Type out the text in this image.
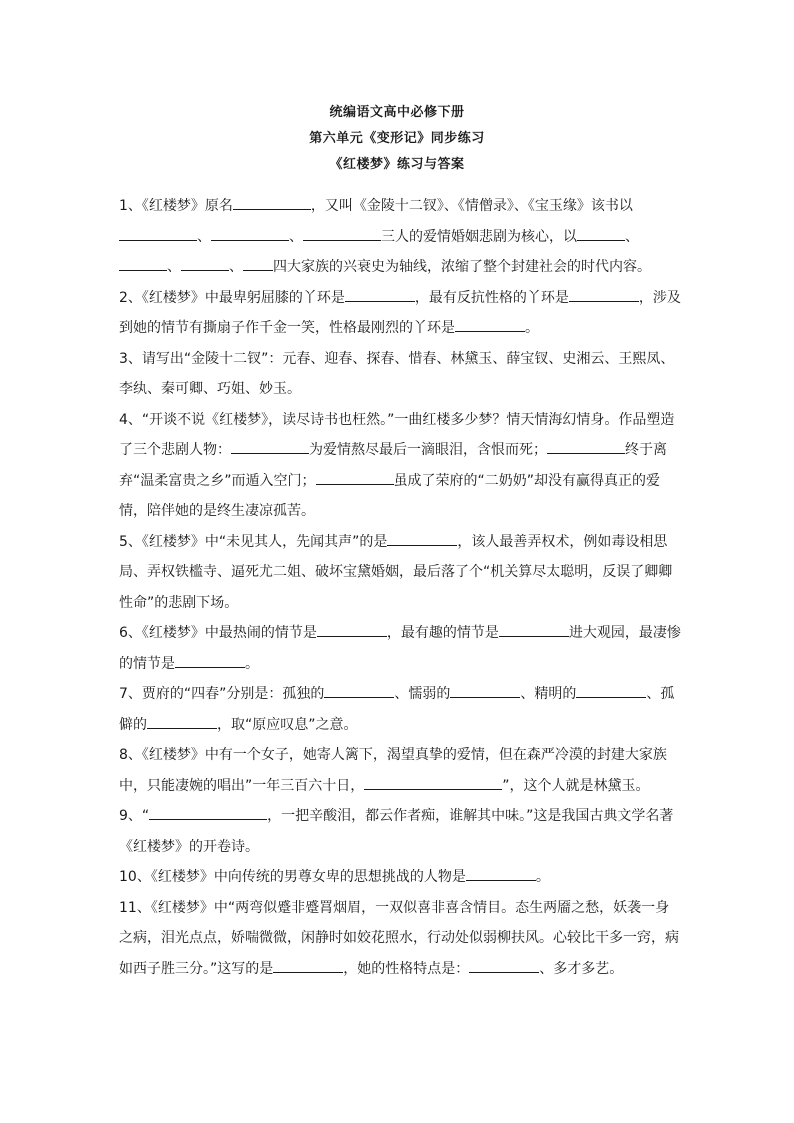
统编语文高中必修下册
第六单元《变形记》同步练习
《红楼梦》练习与答案

1、《红楼梦》原名	，又叫《金陵十二钗》、《情僧录》、《宝玉缘》该书以、	、	三人的爱情婚姻悲剧为核心，以	、、	、 四大家族的兴衰史为轴线，浓缩了整个封建社会的时代内容。

2、《红楼梦》中最卑躬屈膝的丫环是	，最有反抗性格的丫环是	，涉及到她的情节有撕扇子作千金一笑，性格最刚烈的丫环是	。

3、请写出“金陵十二钗”：元春、迎春、探春、惜春、林黛玉、薛宝钗、史湘云、王熙凤、李纨、秦可卿、巧姐、妙玉。

4、“开谈不说《红楼梦》，读尽诗书也枉然。”一曲红楼多少梦？情天情海幻情身。作品塑造了三个悲剧人物：	为爱情熬尽最后一滴眼泪，含恨而死；	终于离弃“温柔富贵之乡”而遁入空门；	虽成了荣府的“二奶奶”却没有赢得真正的爱情，陪伴她的是终生凄凉孤苦。

5、《红楼梦》中“未见其人，先闻其声”的是	，该人最善弄权术，例如毒设相思局、弄权铁槛寺、逼死尤二姐、破坏宝黛婚姻，最后落了个“机关算尽太聪明，反误了卿卿性命”的悲剧下场。

6、《红楼梦》中最热闹的情节是	，最有趣的情节是	进大观园，最凄惨的情节是	。

7、贾府的“四春”分别是：孤独的	、懦弱的	、精明的	、孤僻的	，取“原应叹息”之意。

8、《红楼梦》中有一个女子，她寄人篱下，渴望真挚的爱情，但在森严冷漠的封建大家族中，只能凄婉的唱出”一年三百六十日，	”，这个人就是林黛玉。

9、“	，一把辛酸泪，都云作者痴，谁解其中味。”这是我国古典文学名著《红楼梦》的开卷诗。

10、《红楼梦》中向传统的男尊女卑的思想挑战的人物是	。

11、《红楼梦》中“两弯似蹙非蹙罥烟眉，一双似喜非喜含情目。态生两靥之愁，妖袭一身之病，泪光点点，娇喘微微，闲静时如姣花照水，行动处似弱柳扶风。心较比干多一窍，病如西子胜三分。”这写的是	，她的性格特点是：	、多才多艺。
